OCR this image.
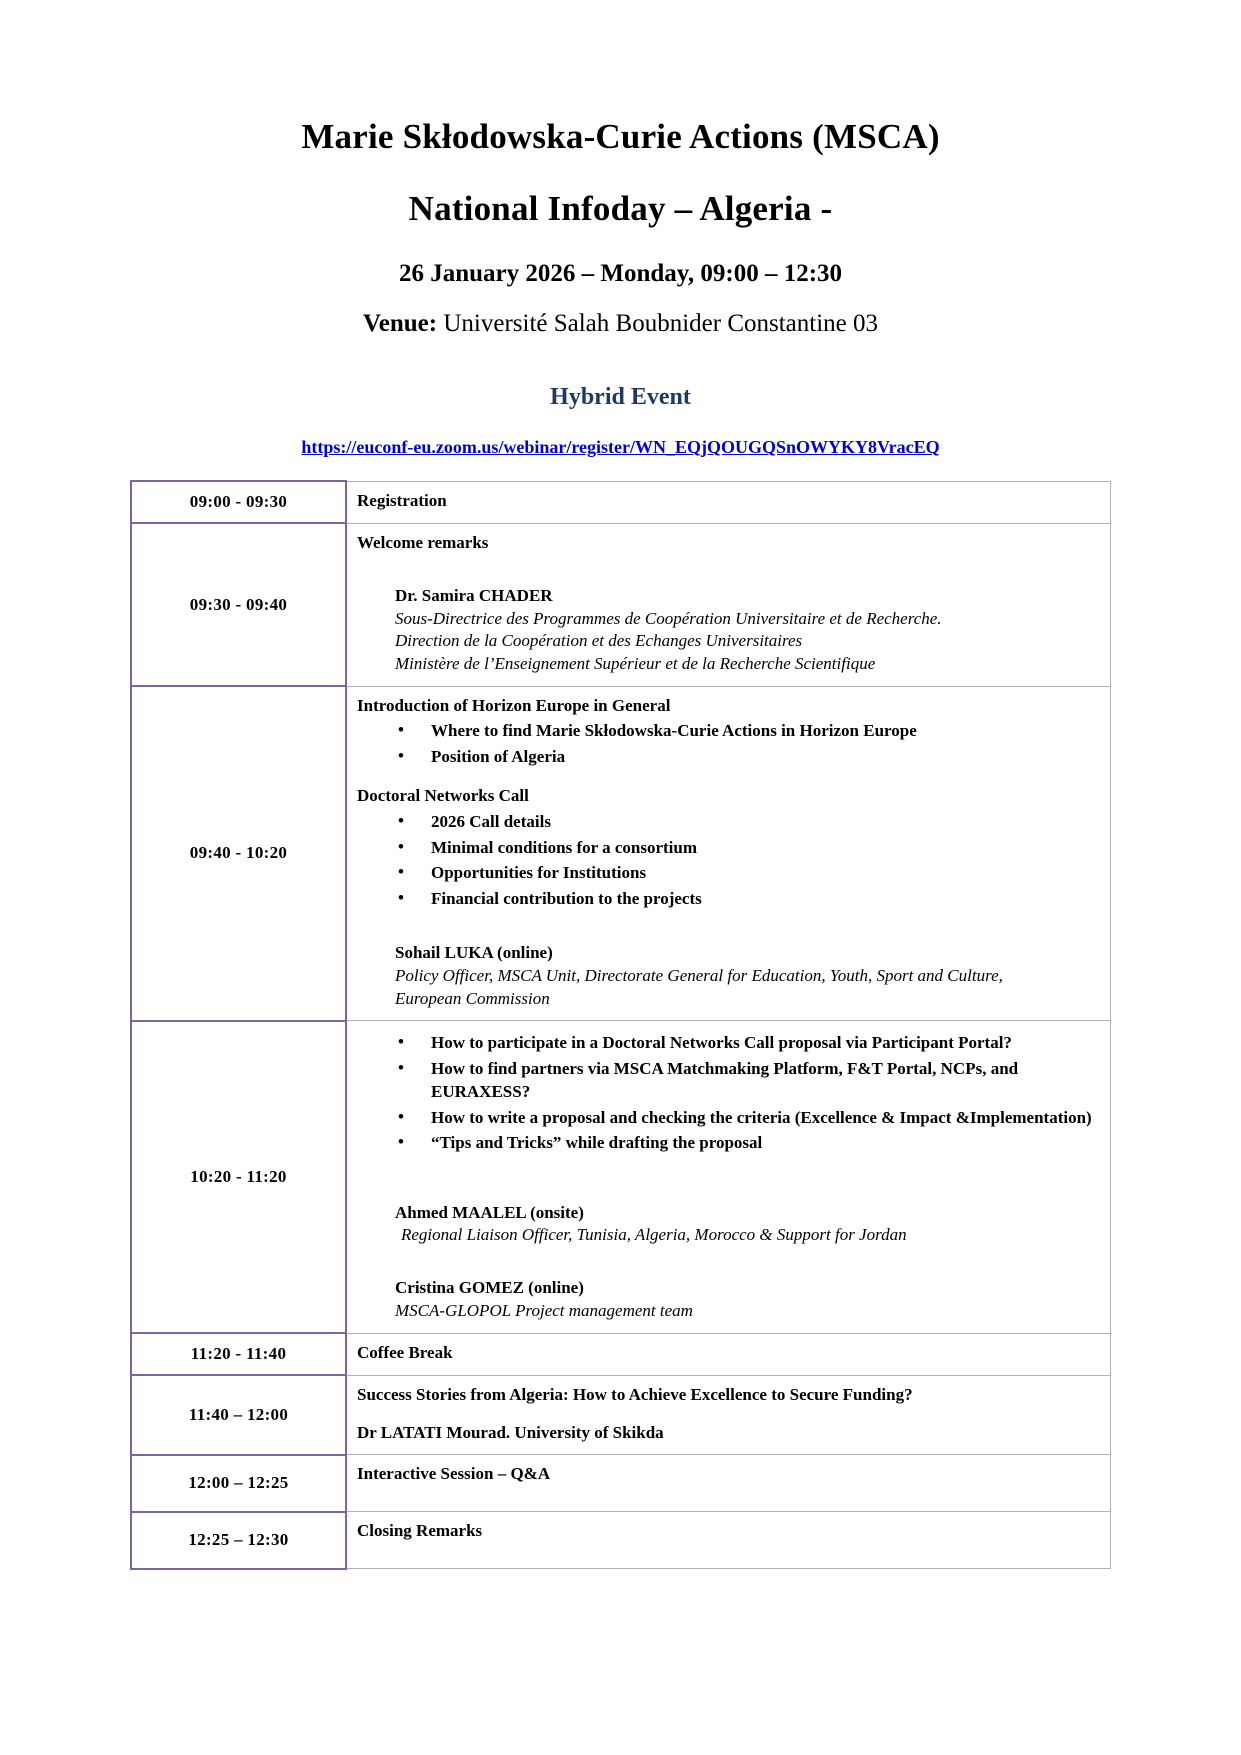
Marie Skłodowska-Curie Actions (MSCA)
National Infoday – Algeria -
26 January 2026 – Monday, 09:00 – 12:30
Venue: Université Salah Boubnider Constantine 03
Hybrid Event
https://euconf-eu.zoom.us/webinar/register/WN_EQjQOUGQSnOWYKY8VracEQ
09:00 - 09:30	Registration

09:30 - 09:40	Welcome remarks
Dr. Samira CHADER
Sous-Directrice des Programmes de Coopération Universitaire et de Recherche.
Direction de la Coopération et des Echanges Universitaires
Ministère de l’Enseignement Supérieur et de la Recherche Scientifique

09:40 - 10:20	
Introduction of Horizon Europe in General
• Where to find Marie Skłodowska-Curie Actions in Horizon Europe
• Position of Algeria
Doctoral Networks Call
• 2026 Call details
• Minimal conditions for a consortium
• Opportunities for Institutions
• Financial contribution to the projects
Sohail LUKA (online)
Policy Officer, MSCA Unit, Directorate General for Education, Youth, Sport and Culture,
European Commission

10:20 - 11:20	
• How to participate in a Doctoral Networks Call proposal via Participant Portal?
• How to find partners via MSCA Matchmaking Platform, F&T Portal, NCPs, and EURAXESS?
• How to write a proposal and checking the criteria (Excellence & Impact &Implementation)
• “Tips and Tricks” while drafting the proposal
Ahmed MAALEL (onsite)
Regional Liaison Officer, Tunisia, Algeria, Morocco & Support for Jordan
Cristina GOMEZ (online)
MSCA-GLOPOL Project management team

11:20 - 11:40	Coffee Break

11:40 – 12:00	Success Stories from Algeria: How to Achieve Excellence to Secure Funding?
Dr LATATI Mourad. University of Skikda

12:00 – 12:25	Interactive Session – Q&A

12:25 – 12:30	Closing Remarks
